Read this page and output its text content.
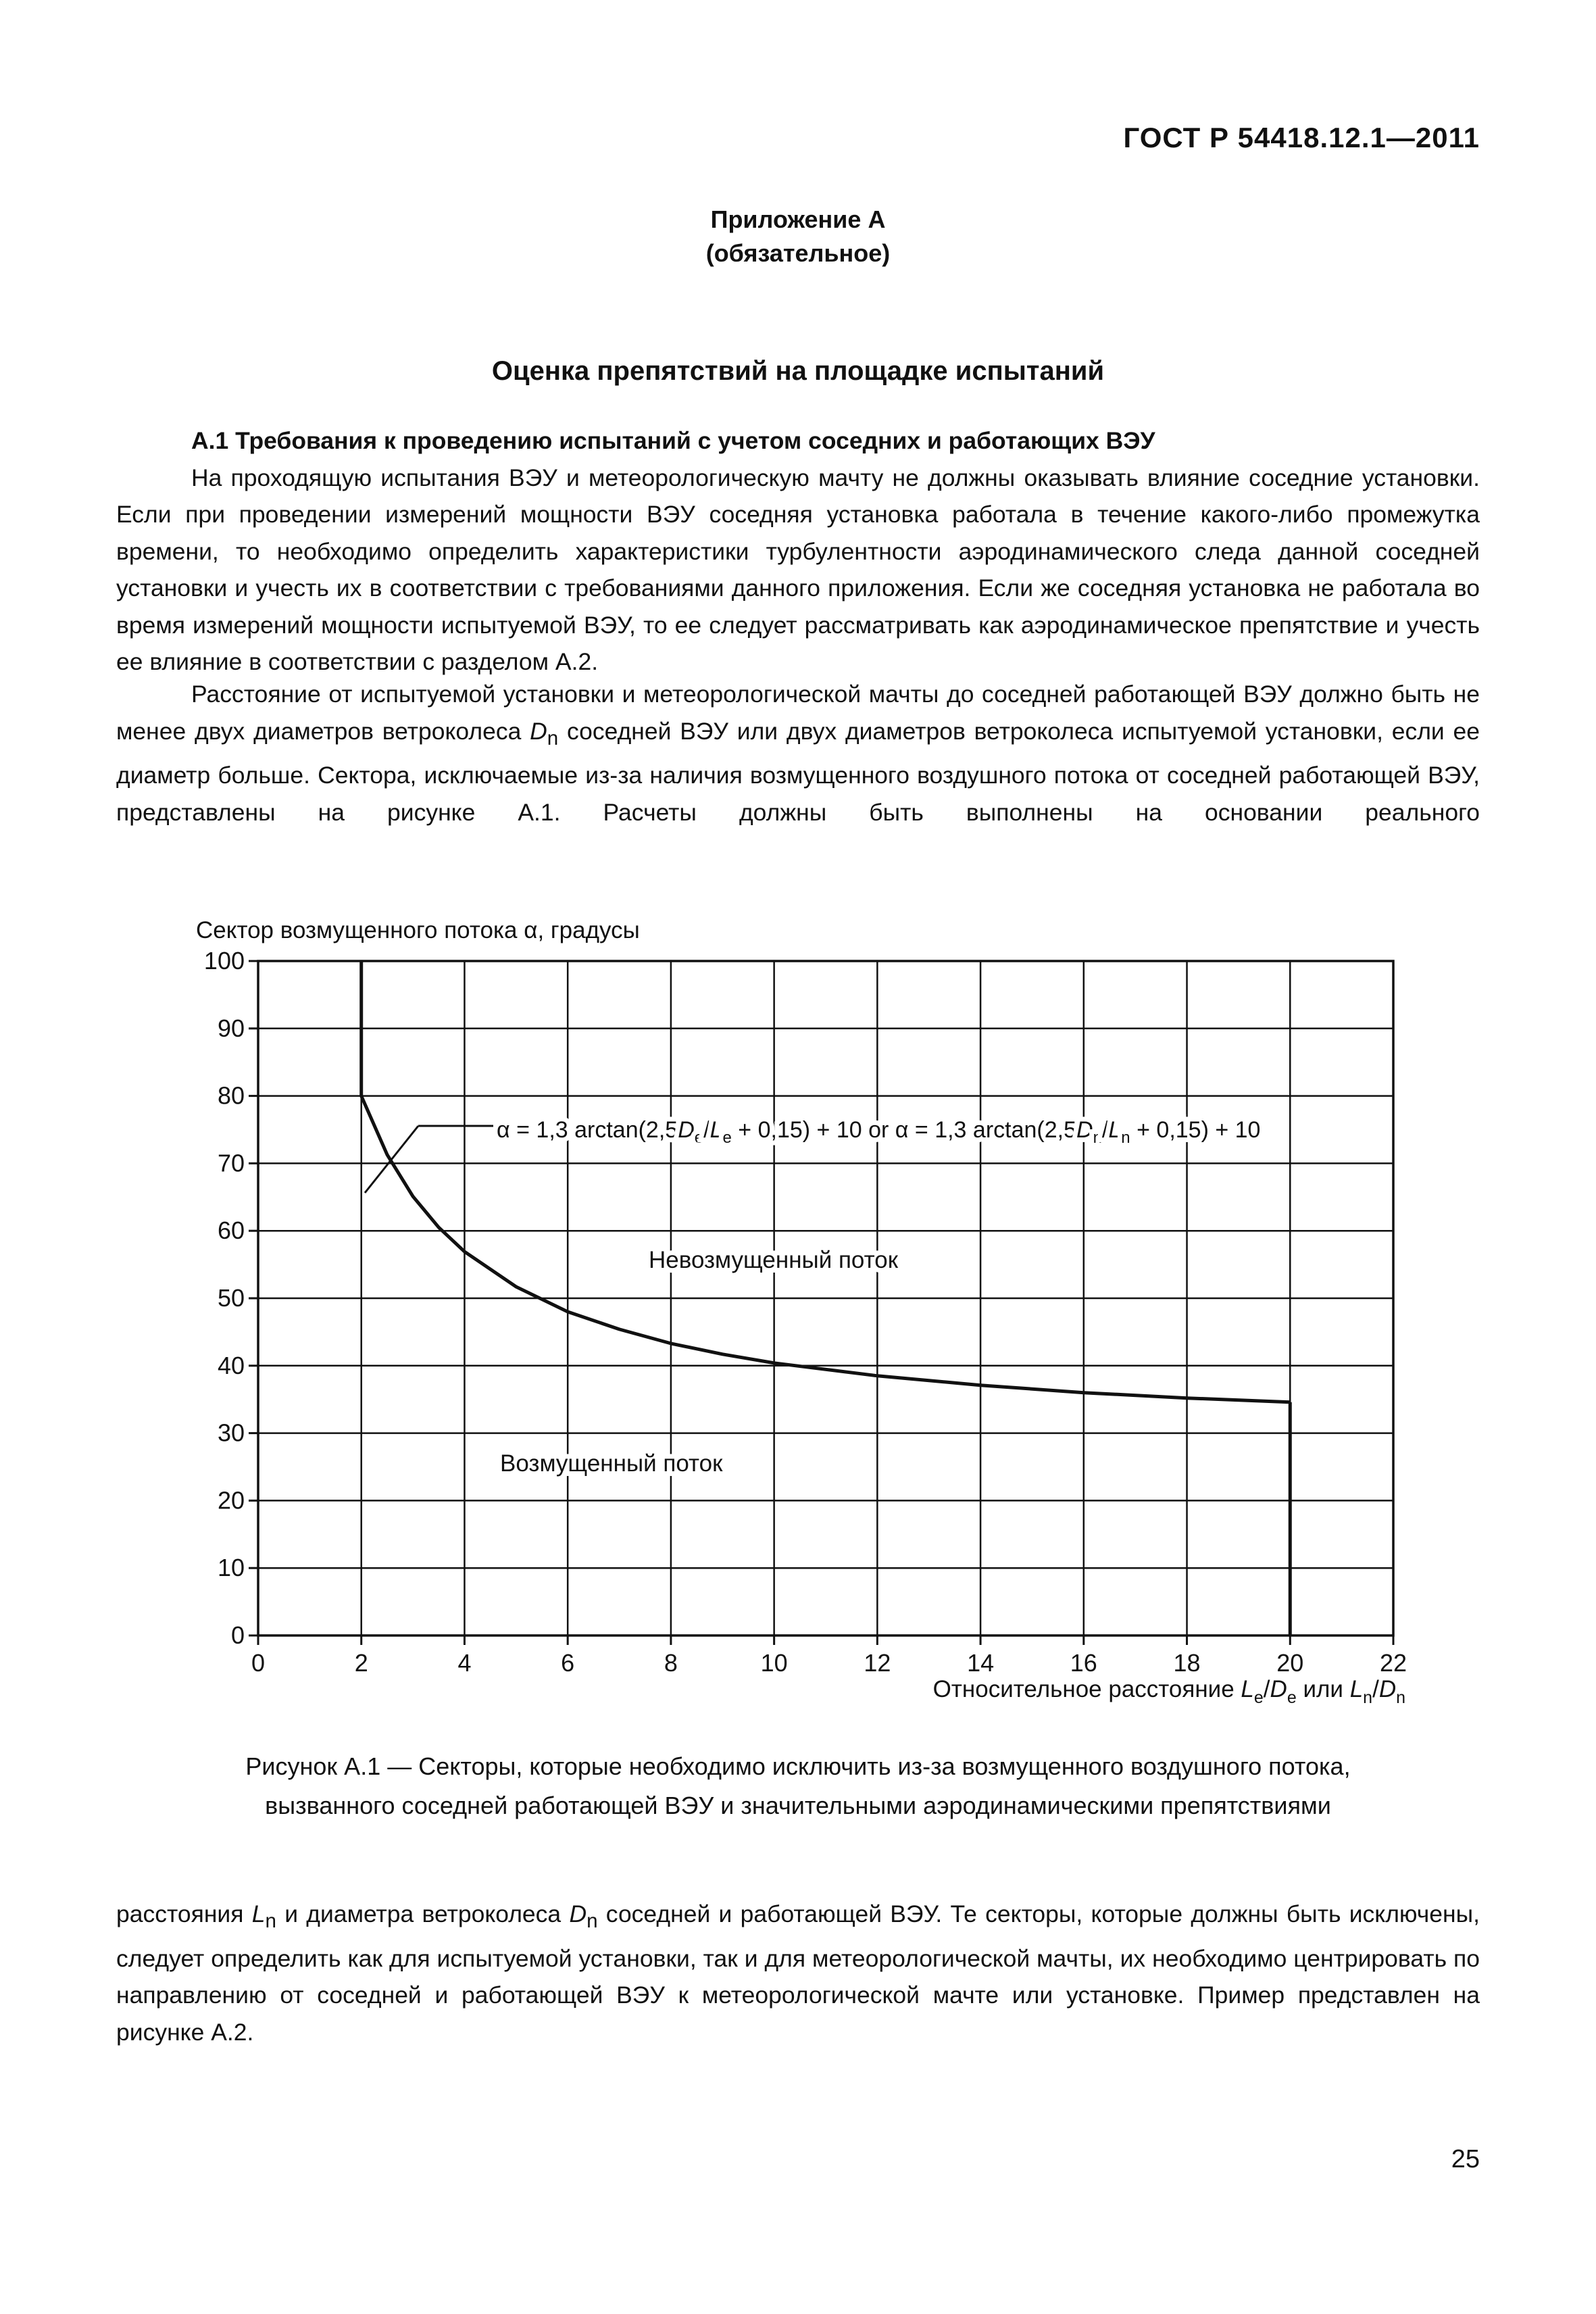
ГОСТ Р 54418.12.1—2011
Приложение А
(обязательное)
Оценка препятствий на площадке испытаний

А.1 Требования к проведению испытаний с учетом соседних и работающих ВЭУ

На проходящую испытания ВЭУ и метеорологическую мачту не должны оказывать влияние соседние установки. Если при проведении измерений мощности ВЭУ соседняя установка работала в течение какого-либо промежутка времени, то необходимо определить характеристики турбулентности аэродинамического следа данной соседней установки и учесть их в соответствии с требованиями данного приложения. Если же соседняя установка не работала во время измерений мощности испытуемой ВЭУ, то ее следует рассматривать как аэродинамическое препятствие и учесть ее влияние в соответствии с разделом А.2.

Расстояние от испытуемой установки и метеорологической мачты до соседней работающей ВЭУ должно быть не менее двух диаметров ветроколеса $D_n$ соседней ВЭУ или двух диаметров ветроколеса испытуемой установки, если ее диаметр больше. Сектора, исключаемые из-за наличия возмущенного воздушного потока от соседней работающей ВЭУ, представлены на рисунке А.1. Расчеты должны быть выполнены на основании реального

Сектор возмущенного потока α, градусы
0	2	4	6	8	10	12	14	16	18	20	22
0
10
20
30
40
50
60
70
80
90
100
α = 1,3 $\arctan(2,5D_e/L_e + 0,15) + 10$ or α = 1,3 $\arctan(2,5D_n/L_n + 0,15) + 10$
Невозмущенный поток
Возмущенный поток
Относительное расстояние $L_e/D_e$ или $L_n/D_n$
Рисунок А.1 — Секторы, которые необходимо исключить из-за возмущенного воздушного потока,
вызванного соседней работающей ВЭУ и значительными аэродинамическими препятствиями

расстояния $L_n$ и диаметра ветроколеса $D_n$ соседней и работающей ВЭУ. Те секторы, которые должны быть исключены, следует определить как для испытуемой установки, так и для метеорологической мачты, их необходимо центрировать по направлению от соседней и работающей ВЭУ к метеорологической мачте или установке. Пример представлен на рисунке А.2.

25
